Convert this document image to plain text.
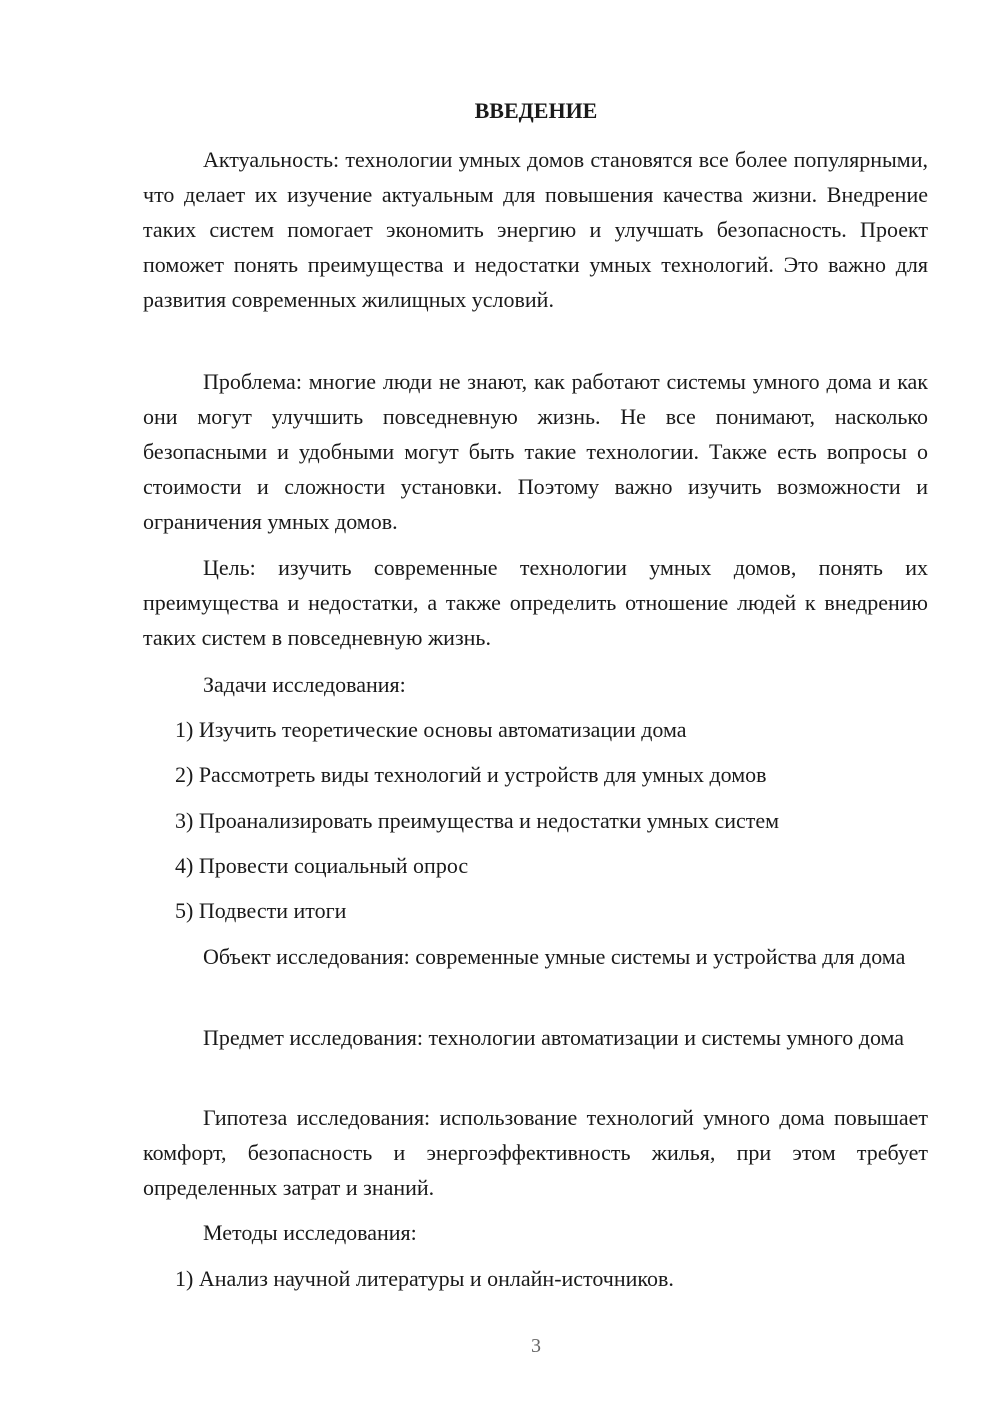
ВВЕДЕНИЕ

Актуальность: технологии умных домов становятся все более популярными, что делает их изучение актуальным для повышения качества жизни. Внедрение таких систем помогает экономить энергию и улучшать безопасность. Проект поможет понять преимущества и недостатки умных технологий. Это важно для развития современных жилищных условий.

Проблема: многие люди не знают, как работают системы умного дома и как они могут улучшить повседневную жизнь. Не все понимают, насколько безопасными и удобными могут быть такие технологии. Также есть вопросы о стоимости и сложности установки. Поэтому важно изучить возможности и ограничения умных домов.

Цель: изучить современные технологии умных домов, понять их преимущества и недостатки, а также определить отношение людей к внедрению таких систем в повседневную жизнь.

Задачи исследования:
1) Изучить теоретические основы автоматизации дома
2) Рассмотреть виды технологий и устройств для умных домов
3) Проанализировать преимущества и недостатки умных систем
4) Провести социальный опрос
5) Подвести итоги

Объект исследования: современные умные системы и устройства для дома

Предмет исследования: технологии автоматизации и системы умного дома

Гипотеза исследования: использование технологий умного дома повышает комфорт, безопасность и энергоэффективность жилья, при этом требует определенных затрат и знаний.

Методы исследования:
1) Анализ научной литературы и онлайн-источников.
3
